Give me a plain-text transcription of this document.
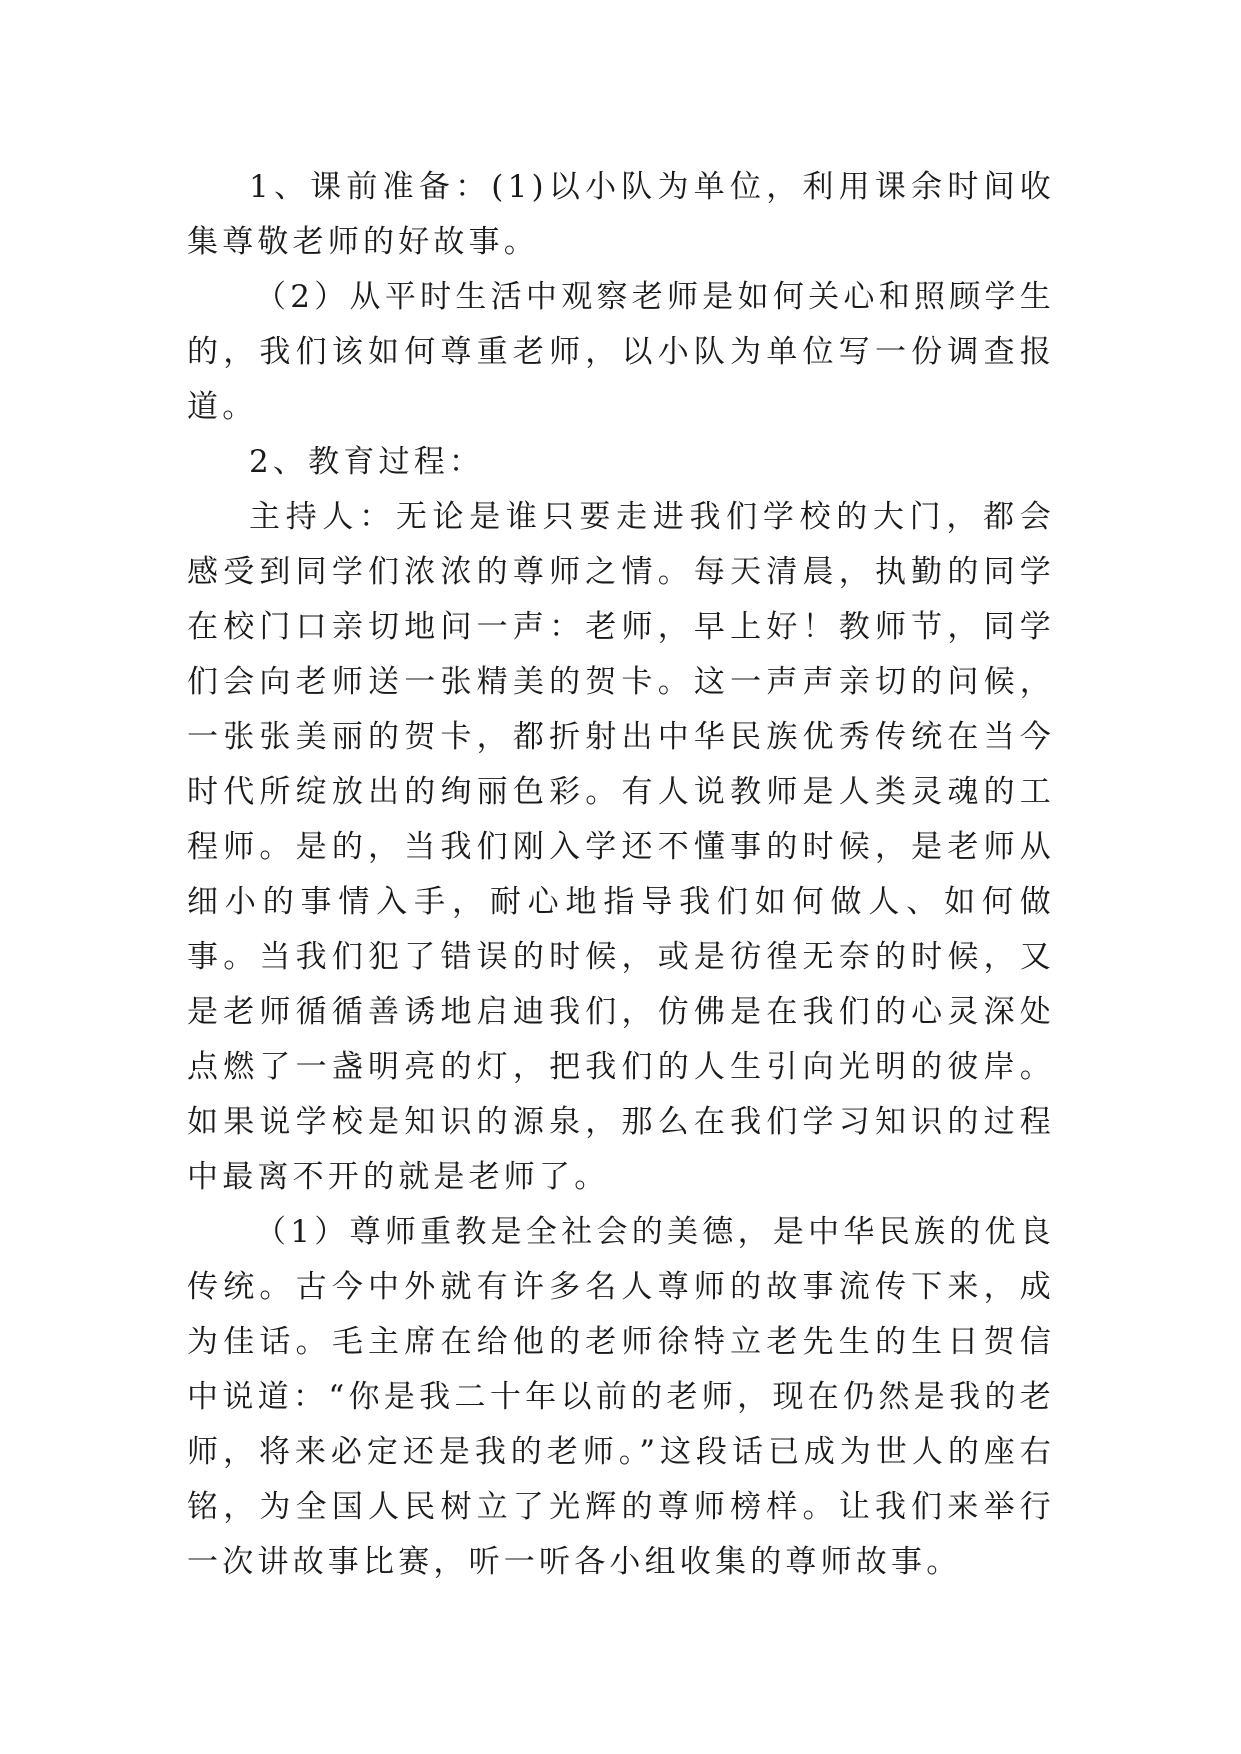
1、课前准备：(1)以小队为单位，利用课余时间收集尊敬老师的好故事。

（2）从平时生活中观察老师是如何关心和照顾学生的，我们该如何尊重老师，以小队为单位写一份调查报道。

2、教育过程：

主持人：无论是谁只要走进我们学校的大门，都会感受到同学们浓浓的尊师之情。每天清晨，执勤的同学在校门口亲切地问一声：老师，早上好！教师节，同学们会向老师送一张精美的贺卡。这一声声亲切的问候，一张张美丽的贺卡，都折射出中华民族优秀传统在当今时代所绽放出的绚丽色彩。有人说教师是人类灵魂的工程师。是的，当我们刚入学还不懂事的时候，是老师从细小的事情入手，耐心地指导我们如何做人、如何做事。当我们犯了错误的时候，或是彷徨无奈的时候，又是老师循循善诱地启迪我们，仿佛是在我们的心灵深处点燃了一盏明亮的灯，把我们的人生引向光明的彼岸。如果说学校是知识的源泉，那么在我们学习知识的过程中最离不开的就是老师了。

（1）尊师重教是全社会的美德，是中华民族的优良传统。古今中外就有许多名人尊师的故事流传下来，成为佳话。毛主席在给他的老师徐特立老先生的生日贺信中说道：“你是我二十年以前的老师，现在仍然是我的老师，将来必定还是我的老师。”这段话已成为世人的座右铭，为全国人民树立了光辉的尊师榜样。让我们来举行一次讲故事比赛，听一听各小组收集的尊师故事。
